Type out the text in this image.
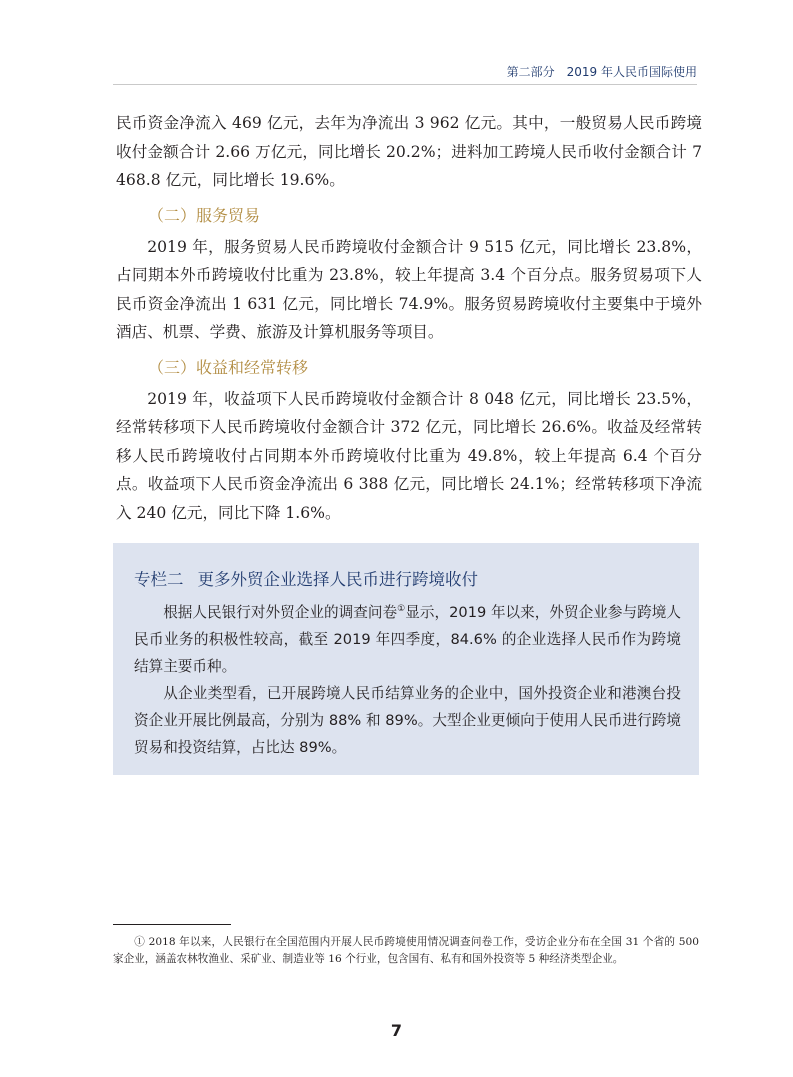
第二部分 2019 年人民币国际使用

民币资金净流入 469 亿元，去年为净流出 3 962 亿元。其中，一般贸易人民币跨境收付金额合计 2.66 万亿元，同比增长 20.2%；进料加工跨境人民币收付金额合计 7 468.8 亿元，同比增长 19.6%。

（二）服务贸易

2019 年，服务贸易人民币跨境收付金额合计 9 515 亿元，同比增长 23.8%，占同期本外币跨境收付比重为 23.8%，较上年提高 3.4 个百分点。服务贸易项下人民币资金净流出 1 631 亿元，同比增长 74.9%。服务贸易跨境收付主要集中于境外酒店、机票、学费、旅游及计算机服务等项目。

（三）收益和经常转移

2019 年，收益项下人民币跨境收付金额合计 8 048 亿元，同比增长 23.5%，经常转移项下人民币跨境收付金额合计 372 亿元，同比增长 26.6%。收益及经常转移人民币跨境收付占同期本外币跨境收付比重为 49.8%，较上年提高 6.4 个百分点。收益项下人民币资金净流出 6 388 亿元，同比增长 24.1%；经常转移项下净流入 240 亿元，同比下降 1.6%。

专栏二 更多外贸企业选择人民币进行跨境收付

根据人民银行对外贸企业的调查问卷①显示，2019 年以来，外贸企业参与跨境人民币业务的积极性较高，截至 2019 年四季度，84.6% 的企业选择人民币作为跨境结算主要币种。

从企业类型看，已开展跨境人民币结算业务的企业中，国外投资企业和港澳台投资企业开展比例最高，分别为 88% 和 89%。大型企业更倾向于使用人民币进行跨境贸易和投资结算，占比达 89%。

① 2018 年以来，人民银行在全国范围内开展人民币跨境使用情况调查问卷工作，受访企业分布在全国 31 个省的 500 家企业，涵盖农林牧渔业、采矿业、制造业等 16 个行业，包含国有、私有和国外投资等 5 种经济类型企业。
7
